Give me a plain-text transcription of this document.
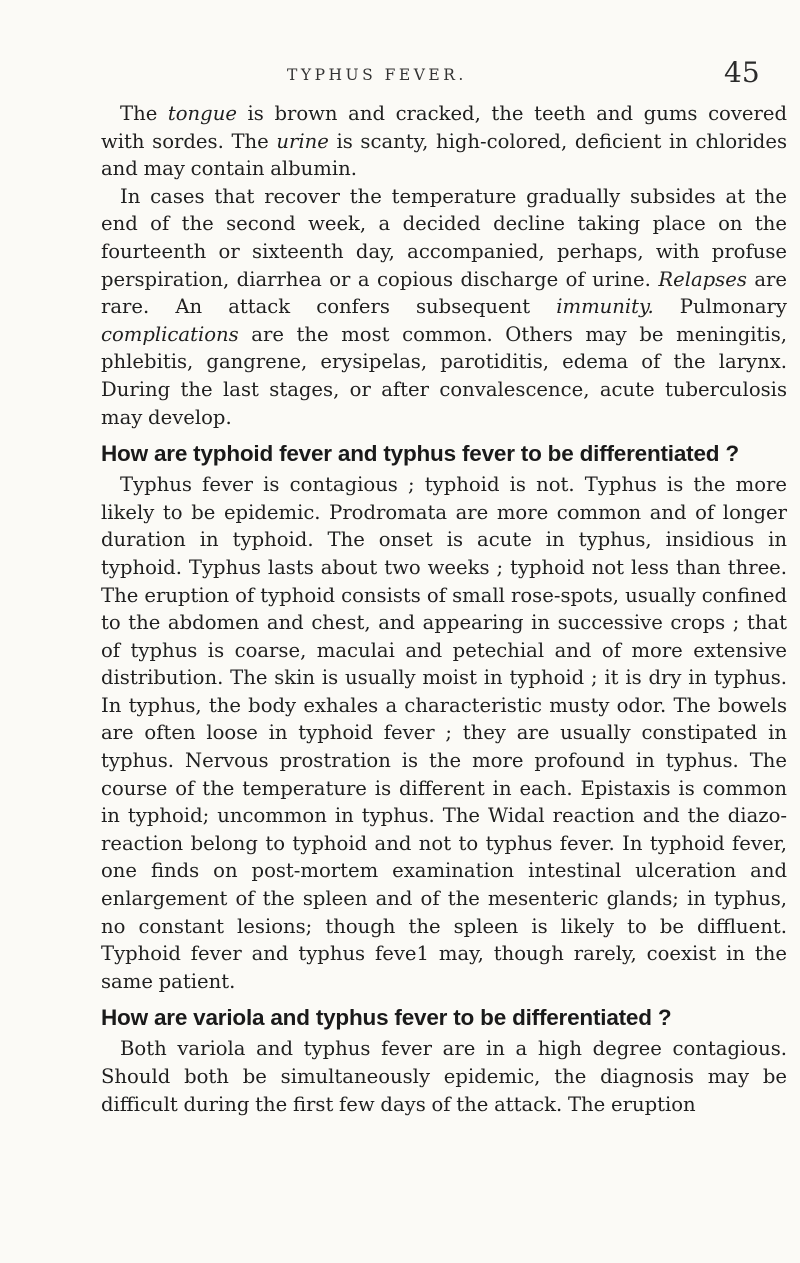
TYPHUS FEVER.	45

The tongue is brown and cracked, the teeth and gums covered with sordes. The urine is scanty, high-colored, deficient in chlorides and may contain albumin.

In cases that recover the temperature gradually subsides at the end of the second week, a decided decline taking place on the fourteenth or sixteenth day, accompanied, perhaps, with profuse perspiration, diarrhea or a copious discharge of urine. Relapses are rare. An attack confers subsequent immunity. Pulmonary complications are the most common. Others may be meningitis, phlebitis, gangrene, erysipelas, parotiditis, edema of the larynx. During the last stages, or after convalescence, acute tuberculosis may develop.

How are typhoid fever and typhus fever to be differentiated ?

Typhus fever is contagious ; typhoid is not. Typhus is the more likely to be epidemic. Prodromata are more common and of longer duration in typhoid. The onset is acute in typhus, insidious in typhoid. Typhus lasts about two weeks ; typhoid not less than three. The eruption of typhoid consists of small rose-spots, usually confined to the abdomen and chest, and appearing in successive crops ; that of typhus is coarse, maculai and petechial and of more extensive distribution. The skin is usually moist in typhoid ; it is dry in typhus. In typhus, the body exhales a characteristic musty odor. The bowels are often loose in typhoid fever ; they are usually constipated in typhus. Nervous prostration is the more profound in typhus. The course of the temperature is different in each. Epistaxis is common in typhoid; uncommon in typhus. The Widal reaction and the diazo-reaction belong to typhoid and not to typhus fever. In typhoid fever, one finds on post-mortem examination intestinal ulceration and enlargement of the spleen and of the mesenteric glands; in typhus, no constant lesions; though the spleen is likely to be diffluent. Typhoid fever and typhus feve1 may, though rarely, coexist in the same patient.

How are variola and typhus fever to be differentiated ?

Both variola and typhus fever are in a high degree contagious. Should both be simultaneously epidemic, the diagnosis may be difficult during the first few days of the attack. The eruption
